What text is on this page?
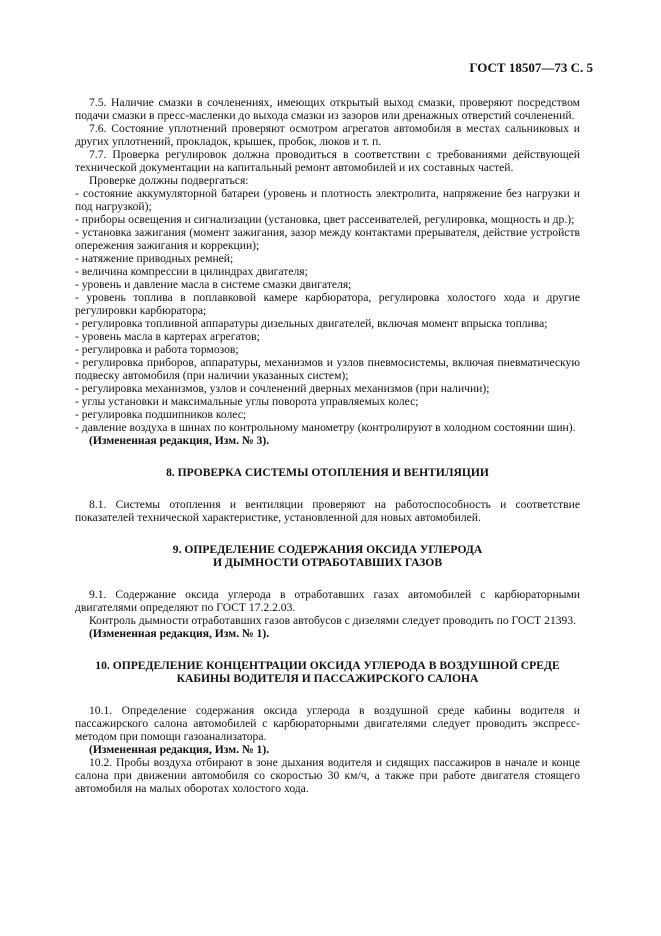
ГОСТ 18507—73 С. 5

7.5. Наличие смазки в сочленениях, имеющих открытый выход смазки, проверяют посредством подачи смазки в пресс-масленки до выхода смазки из зазоров или дренажных отверстий сочленений.

7.6. Состояние уплотнений проверяют осмотром агрегатов автомобиля в местах сальниковых и других уплотнений, прокладок, крышек, пробок, люков и т. п.

7.7. Проверка регулировок должна проводиться в соответствии с требованиями действующей технической документации на капитальный ремонт автомобилей и их составных частей.

Проверке должны подвергаться:

- состояние аккумуляторной батареи (уровень и плотность электролита, напряжение без нагрузки и под нагрузкой);

- приборы освещения и сигнализации (установка, цвет рассеивателей, регулировка, мощность и др.);

- установка зажигания (момент зажигания, зазор между контактами прерывателя, действие устройств опережения зажигания и коррекции);

- натяжение приводных ремней;

- величина компрессии в цилиндрах двигателя;

- уровень и давление масла в системе смазки двигателя;

- уровень топлива в поплавковой камере карбюратора, регулировка холостого хода и другие регулировки карбюратора;

- регулировка топливной аппаратуры дизельных двигателей, включая момент впрыска топлива;

- уровень масла в картерах агрегатов;

- регулировка и работа тормозов;

- регулировка приборов, аппаратуры, механизмов и узлов пневмосистемы, включая пневматическую подвеску автомобиля (при наличии указанных систем);

- регулировка механизмов, узлов и сочленений дверных механизмов (при наличии);

- углы установки и максимальные углы поворота управляемых колес;

- регулировка подшипников колес;

- давление воздуха в шинах по контрольному манометру (контролируют в холодном состоянии шин).

(Измененная редакция, Изм. № 3).

8. ПРОВЕРКА СИСТЕМЫ ОТОПЛЕНИЯ И ВЕНТИЛЯЦИИ

8.1. Системы отопления и вентиляции проверяют на работоспособность и соответствие показателей технической характеристике, установленной для новых автомобилей.

9. ОПРЕДЕЛЕНИЕ СОДЕРЖАНИЯ ОКСИДА УГЛЕРОДА
И ДЫМНОСТИ ОТРАБОТАВШИХ ГАЗОВ

9.1. Содержание оксида углерода в отработавших газах автомобилей с карбюраторными двигателями определяют по ГОСТ 17.2.2.03.

Контроль дымности отработавших газов автобусов с дизелями следует проводить по ГОСТ 21393.

(Измененная редакция, Изм. № 1).

10. ОПРЕДЕЛЕНИЕ КОНЦЕНТРАЦИИ ОКСИДА УГЛЕРОДА В ВОЗДУШНОЙ СРЕДЕ
КАБИНЫ ВОДИТЕЛЯ И ПАССАЖИРСКОГО САЛОНА

10.1. Определение содержания оксида углерода в воздушной среде кабины водителя и пассажирского салона автомобилей с карбюраторными двигателями следует проводить экспресс-методом при помощи газоанализатора.

(Измененная редакция, Изм. № 1).

10.2. Пробы воздуха отбирают в зоне дыхания водителя и сидящих пассажиров в начале и конце салона при движении автомобиля со скоростью 30 км/ч, а также при работе двигателя стоящего автомобиля на малых оборотах холостого хода.
